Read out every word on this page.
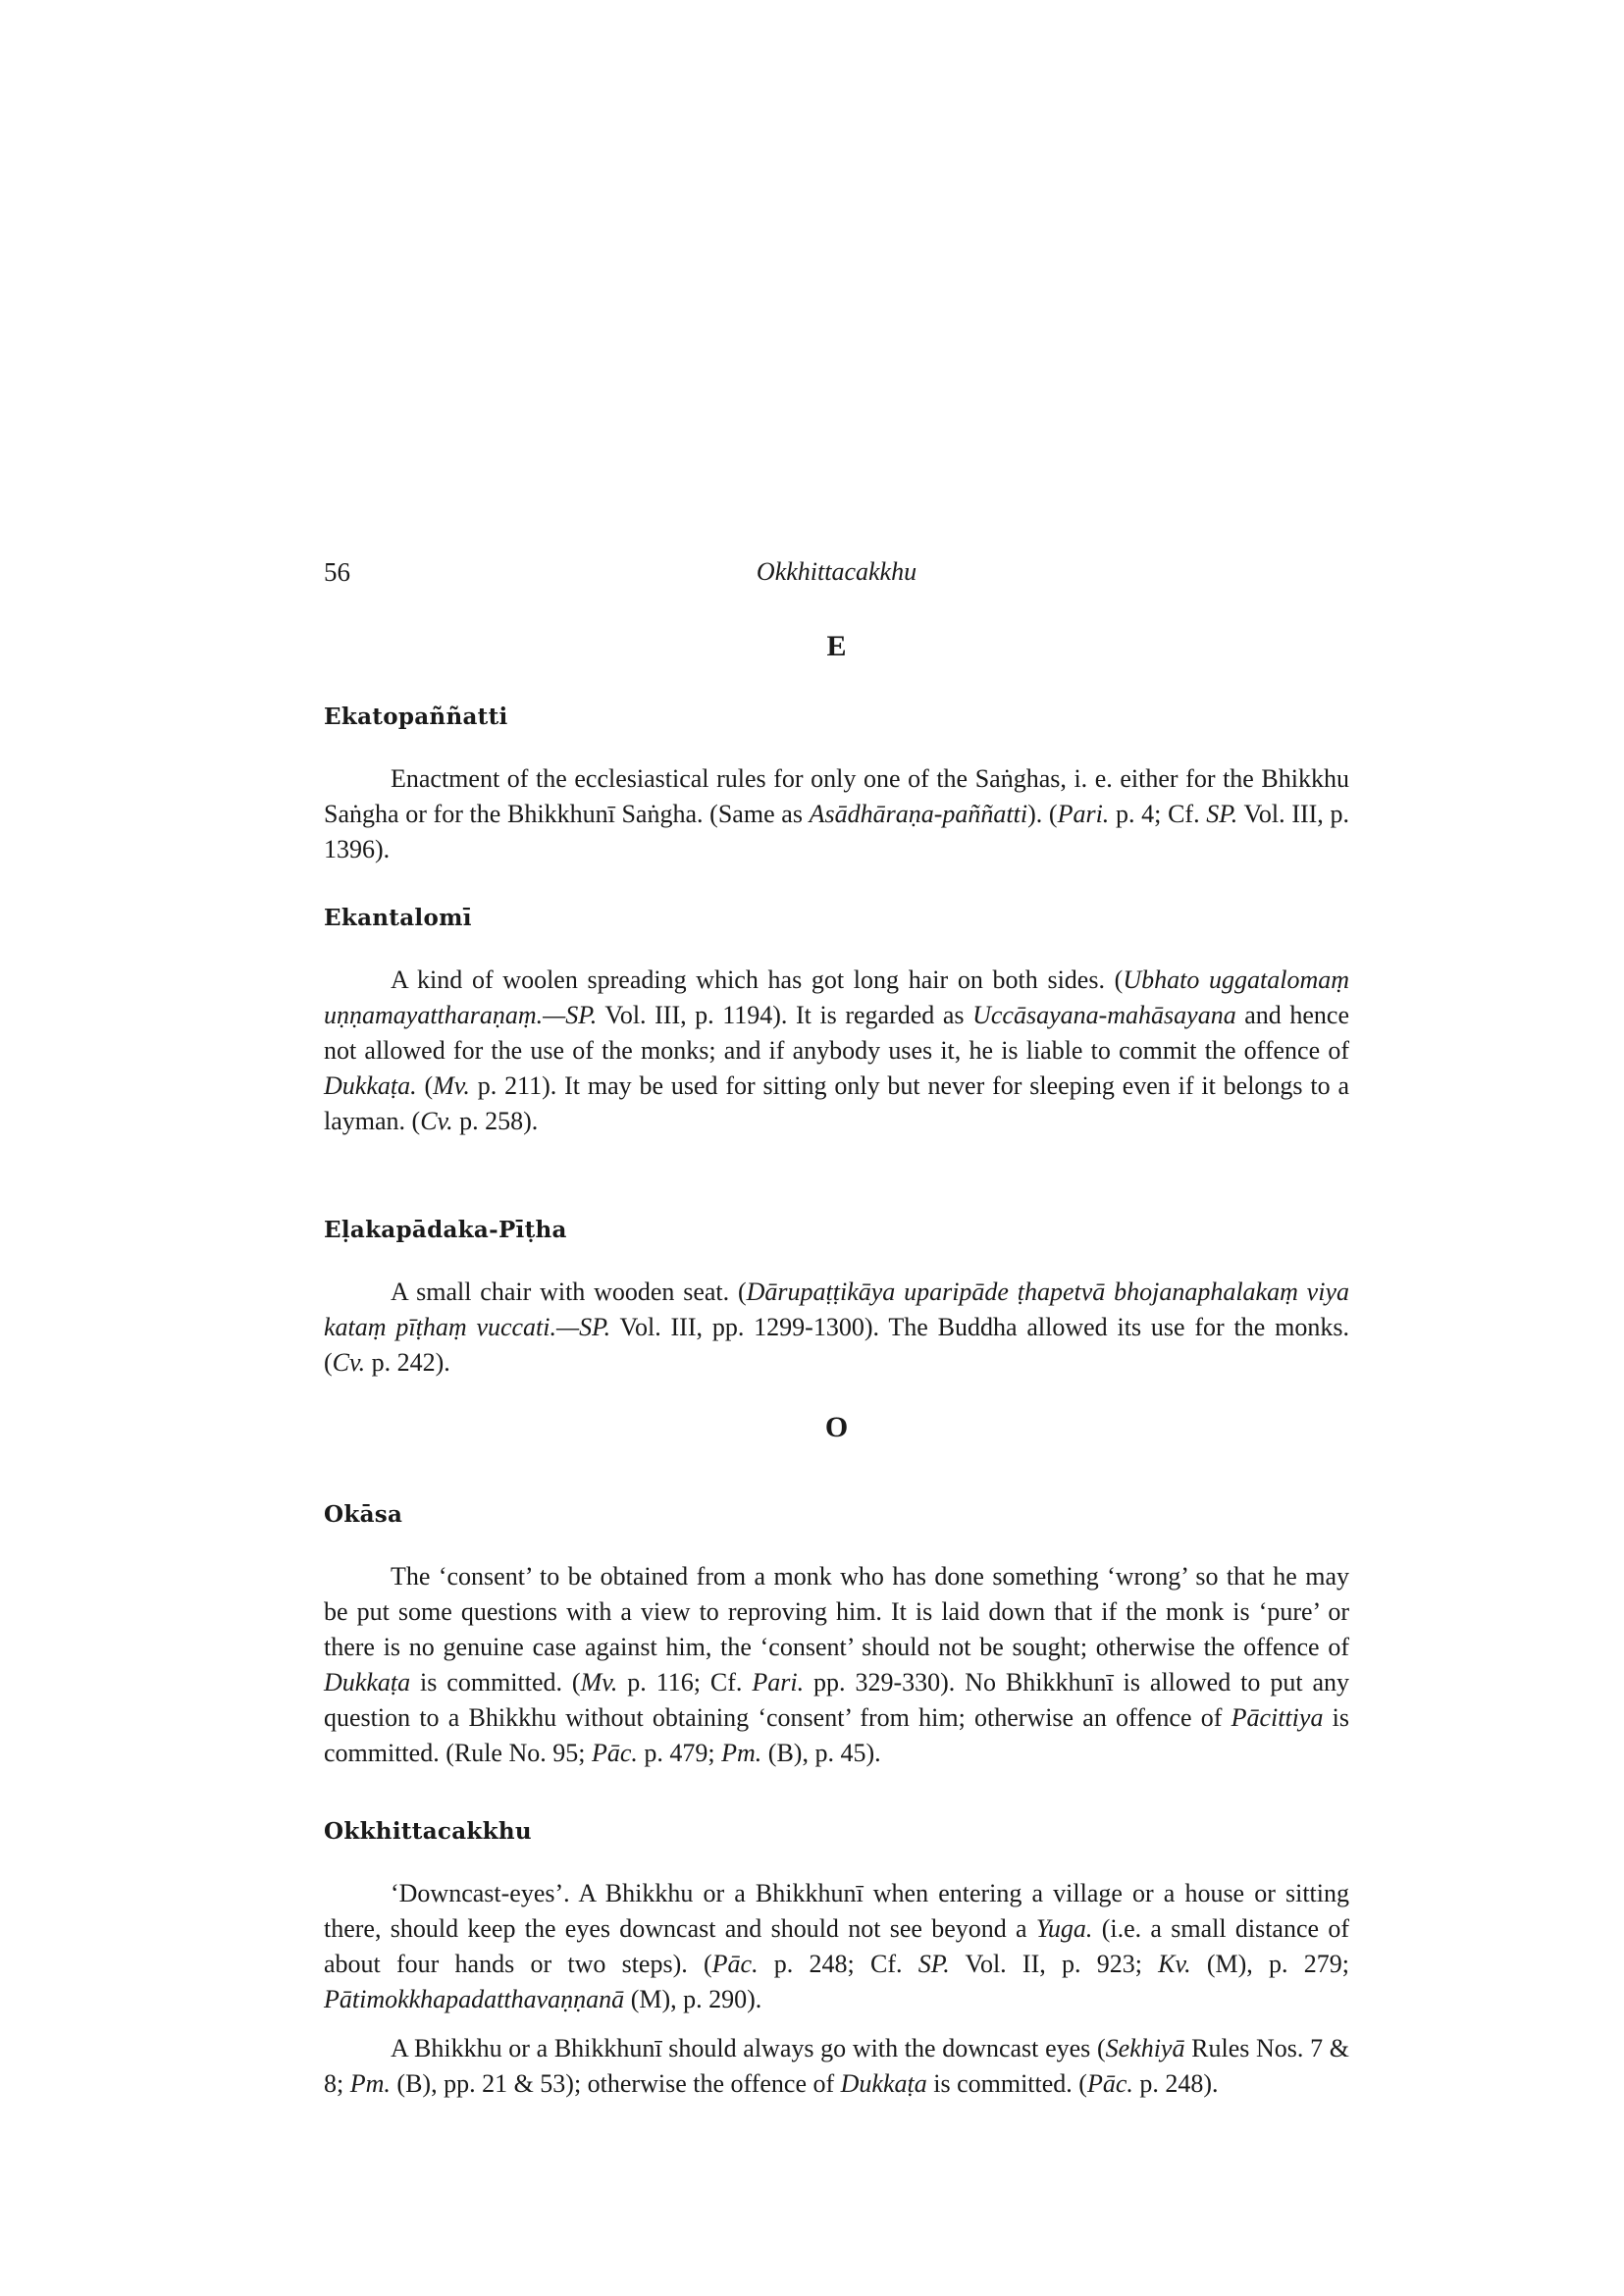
56	Okkhittacakkhu
E
Ekatopaññatti

Enactment of the ecclesiastical rules for only one of the Saṅghas, i. e. either for the Bhikkhu Saṅgha or for the Bhikkhunī Saṅgha. (Same as Asādhāraṇa-paññatti). (Pari. p. 4; Cf. SP. Vol. III, p. 1396).

Ekantalomī

A kind of woolen spreading which has got long hair on both sides. (Ubhato uggatalomaṃ uṇṇamayattharaṇaṃ.—SP. Vol. III, p. 1194). It is regarded as Uccāsayana-mahāsayana and hence not allowed for the use of the monks; and if anybody uses it, he is liable to commit the offence of Dukkaṭa. (Mv. p. 211). It may be used for sitting only but never for sleeping even if it belongs to a layman. (Cv. p. 258).

Eḷakapādaka-Pīṭha

A small chair with wooden seat. (Dārupaṭṭikāya uparipāde ṭhapetvā bhojanaphalakaṃ viya kataṃ pīṭhaṃ vuccati.—SP. Vol. III, pp. 1299-1300). The Buddha allowed its use for the monks. (Cv. p. 242).

O
Okāsa

The ‘consent’ to be obtained from a monk who has done something ‘wrong’ so that he may be put some questions with a view to reproving him. It is laid down that if the monk is ‘pure’ or there is no genuine case against him, the ‘consent’ should not be sought; otherwise the offence of Dukkaṭa is committed. (Mv. p. 116; Cf. Pari. pp. 329-330). No Bhikkhunī is allowed to put any question to a Bhikkhu without obtaining ‘consent’ from him; otherwise an offence of Pācittiya is committed. (Rule No. 95; Pāc. p. 479; Pm. (B), p. 45).

Okkhittacakkhu

‘Downcast-eyes’. A Bhikkhu or a Bhikkhunī when entering a village or a house or sitting there, should keep the eyes downcast and should not see beyond a Yuga. (i.e. a small distance of about four hands or two steps). (Pāc. p. 248; Cf. SP. Vol. II, p. 923; Kv. (M), p. 279; Pātimokkhapadatthavaṇṇanā (M), p. 290).

A Bhikkhu or a Bhikkhunī should always go with the downcast eyes (Sekhiyā Rules Nos. 7 & 8; Pm. (B), pp. 21 & 53); otherwise the offence of Dukkaṭa is committed. (Pāc. p. 248).
